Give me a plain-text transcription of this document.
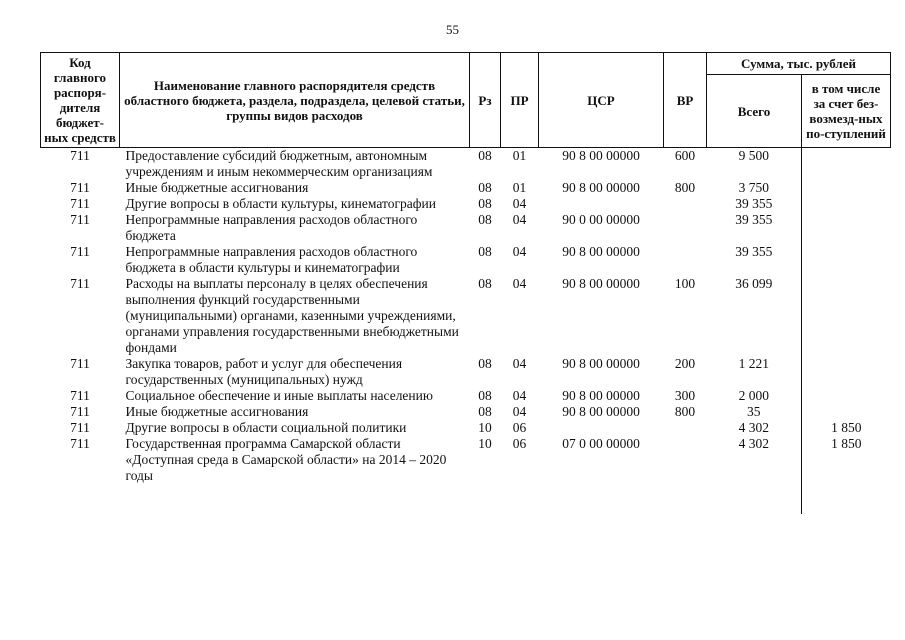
55
Код главного распоря-дителя бюджет-ных средств	Наименование главного распорядителя средств областного бюджета, раздела, подраздела, целевой статьи, группы видов расходов	Рз	ПР	ЦСР	ВР	Сумма, тыс. рублей	
						Всего	в том числе за счет без-возмезд-ных по-ступлений
711	Предоставление субсидий бюджетным, автономным учреждениям и иным некоммерческим организациям	08	01	90 8 00 00000	600	9 500	
711	Иные бюджетные ассигнования	08	01	90 8 00 00000	800	3 750	
711	Другие вопросы в области культуры, кинематографии	08	04			39 355	
711	Непрограммные направления расходов областного бюджета	08	04	90 0 00 00000		39 355	
711	Непрограммные направления расходов областного бюджета в области культуры и кинематографии	08	04	90 8 00 00000		39 355	
711	Расходы на выплаты персоналу в целях обеспечения выполнения функций государственными (муниципальными) органами, казенными учреждениями, органами управления государственными внебюджетными фондами	08	04	90 8 00 00000	100	36 099	
711	Закупка товаров, работ и услуг для обеспечения государственных (муниципальных) нужд	08	04	90 8 00 00000	200	1 221	
711	Социальное обеспечение и иные выплаты населению	08	04	90 8 00 00000	300	2 000	
711	Иные бюджетные ассигнования	08	04	90 8 00 00000	800	35	
711	Другие вопросы в области социальной политики	10	06			4 302	1 850
711	Государственная программа Самарской области «Доступная среда в Самарской области» на 2014 – 2020 годы	10	06	07 0 00 00000		4 302	1 850
